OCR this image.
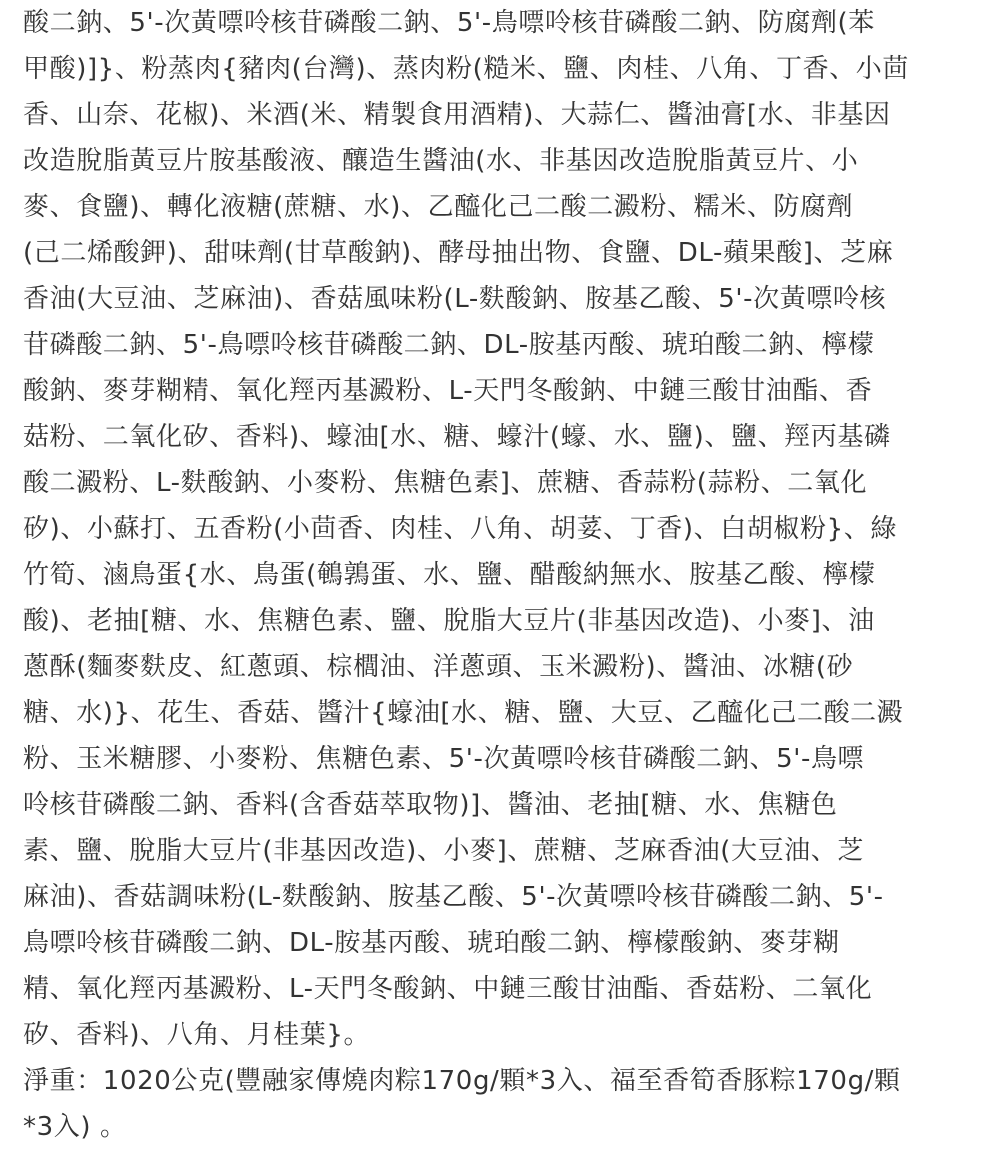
酸二鈉、5'-次黃嘌呤核苷磷酸二鈉、5'-鳥嘌呤核苷磷酸二鈉、防腐劑(苯
甲酸)]}、粉蒸肉{豬肉(台灣)、蒸肉粉(糙米、鹽、肉桂、八角、丁香、小茴
香、山奈、花椒)、米酒(米、精製食用酒精)、大蒜仁、醬油膏[水、非基因
改造脫脂黃豆片胺基酸液、釀造生醬油(水、非基因改造脫脂黃豆片、小
麥、食鹽)、轉化液糖(蔗糖、水)、乙醯化己二酸二澱粉、糯米、防腐劑
(己二烯酸鉀)、甜味劑(甘草酸鈉)、酵母抽出物、食鹽、DL-蘋果酸]、芝麻
香油(大豆油、芝麻油)、香菇風味粉(L-麩酸鈉、胺基乙酸、5'-次黃嘌呤核
苷磷酸二鈉、5'-鳥嘌呤核苷磷酸二鈉、DL-胺基丙酸、琥珀酸二鈉、檸檬
酸鈉、麥芽糊精、氧化羥丙基澱粉、L-天門冬酸鈉、中鏈三酸甘油酯、香
菇粉、二氧化矽、香料)、蠔油[水、糖、蠔汁(蠔、水、鹽)、鹽、羥丙基磷
酸二澱粉、L-麩酸鈉、小麥粉、焦糖色素]、蔗糖、香蒜粉(蒜粉、二氧化
矽)、小蘇打、五香粉(小茴香、肉桂、八角、胡荽、丁香)、白胡椒粉}、綠
竹筍、滷鳥蛋{水、鳥蛋(鵪鶉蛋、水、鹽、醋酸納無水、胺基乙酸、檸檬
酸)、老抽[糖、水、焦糖色素、鹽、脫脂大豆片(非基因改造)、小麥]、油
蔥酥(麵麥麩皮、紅蔥頭、棕櫚油、洋蔥頭、玉米澱粉)、醬油、冰糖(砂
糖、水)}、花生、香菇、醬汁{蠔油[水、糖、鹽、大豆、乙醯化己二酸二澱
粉、玉米糖膠、小麥粉、焦糖色素、5'-次黃嘌呤核苷磷酸二鈉、5'-鳥嘌
呤核苷磷酸二鈉、香料(含香菇萃取物)]、醬油、老抽[糖、水、焦糖色
素、鹽、脫脂大豆片(非基因改造)、小麥]、蔗糖、芝麻香油(大豆油、芝
麻油)、香菇調味粉(L-麩酸鈉、胺基乙酸、5'-次黃嘌呤核苷磷酸二鈉、5'-
鳥嘌呤核苷磷酸二鈉、DL-胺基丙酸、琥珀酸二鈉、檸檬酸鈉、麥芽糊
精、氧化羥丙基澱粉、L-天門冬酸鈉、中鏈三酸甘油酯、香菇粉、二氧化
矽、香料)、八角、月桂葉}。
淨重：1020公克(豐融家傳燒肉粽170g/顆*3入、福至香筍香豚粽170g/顆
*3入) 。
